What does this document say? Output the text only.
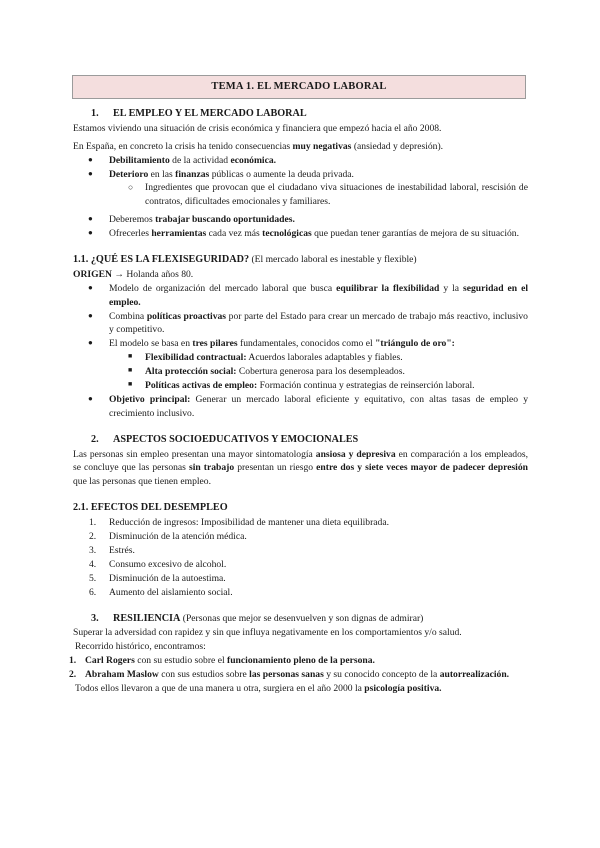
TEMA 1. EL MERCADO LABORAL

1. EL EMPLEO Y EL MERCADO LABORAL

Estamos viviendo una situación de crisis económica y financiera que empezó hacia el año 2008.

En España, en concreto la crisis ha tenido consecuencias muy negativas (ansiedad y depresión).

● Debilitamiento de la actividad económica.
● Deterioro en las finanzas públicas o aumente la deuda privada.
○ Ingredientes que provocan que el ciudadano viva situaciones de inestabilidad laboral, rescisión de contratos, dificultades emocionales y familiares.
● Deberemos trabajar buscando oportunidades.
● Ofrecerles herramientas cada vez más tecnológicas que puedan tener garantías de mejora de su situación.

1.1. ¿QUÉ ES LA FLEXISEGURIDAD? (El mercado laboral es inestable y flexible)

ORIGEN → Holanda años 80.

● Modelo de organización del mercado laboral que busca equilibrar la flexibilidad y la seguridad en el empleo.
● Combina políticas proactivas por parte del Estado para crear un mercado de trabajo más reactivo, inclusivo y competitivo.
● El modelo se basa en tres pilares fundamentales, conocidos como el "triángulo de oro":
■ Flexibilidad contractual: Acuerdos laborales adaptables y fiables.
■ Alta protección social: Cobertura generosa para los desempleados.
■ Políticas activas de empleo: Formación continua y estrategias de reinserción laboral.
● Objetivo principal: Generar un mercado laboral eficiente y equitativo, con altas tasas de empleo y crecimiento inclusivo.

2. ASPECTOS SOCIOEDUCATIVOS Y EMOCIONALES

Las personas sin empleo presentan una mayor sintomatología ansiosa y depresiva en comparación a los empleados, se concluye que las personas sin trabajo presentan un riesgo entre dos y siete veces mayor de padecer depresión que las personas que tienen empleo.

2.1. EFECTOS DEL DESEMPLEO

1. Reducción de ingresos: Imposibilidad de mantener una dieta equilibrada.
2. Disminución de la atención médica.
3. Estrés.
4. Consumo excesivo de alcohol.
5. Disminución de la autoestima.
6. Aumento del aislamiento social.

3. RESILIENCIA (Personas que mejor se desenvuelven y son dignas de admirar)

Superar la adversidad con rapidez y sin que influya negativamente en los comportamientos y/o salud.

Recorrido histórico, encontramos:

1. Carl Rogers con su estudio sobre el funcionamiento pleno de la persona.
2. Abraham Maslow con sus estudios sobre las personas sanas y su conocido concepto de la autorrealización.

Todos ellos llevaron a que de una manera u otra, surgiera en el año 2000 la psicología positiva.
